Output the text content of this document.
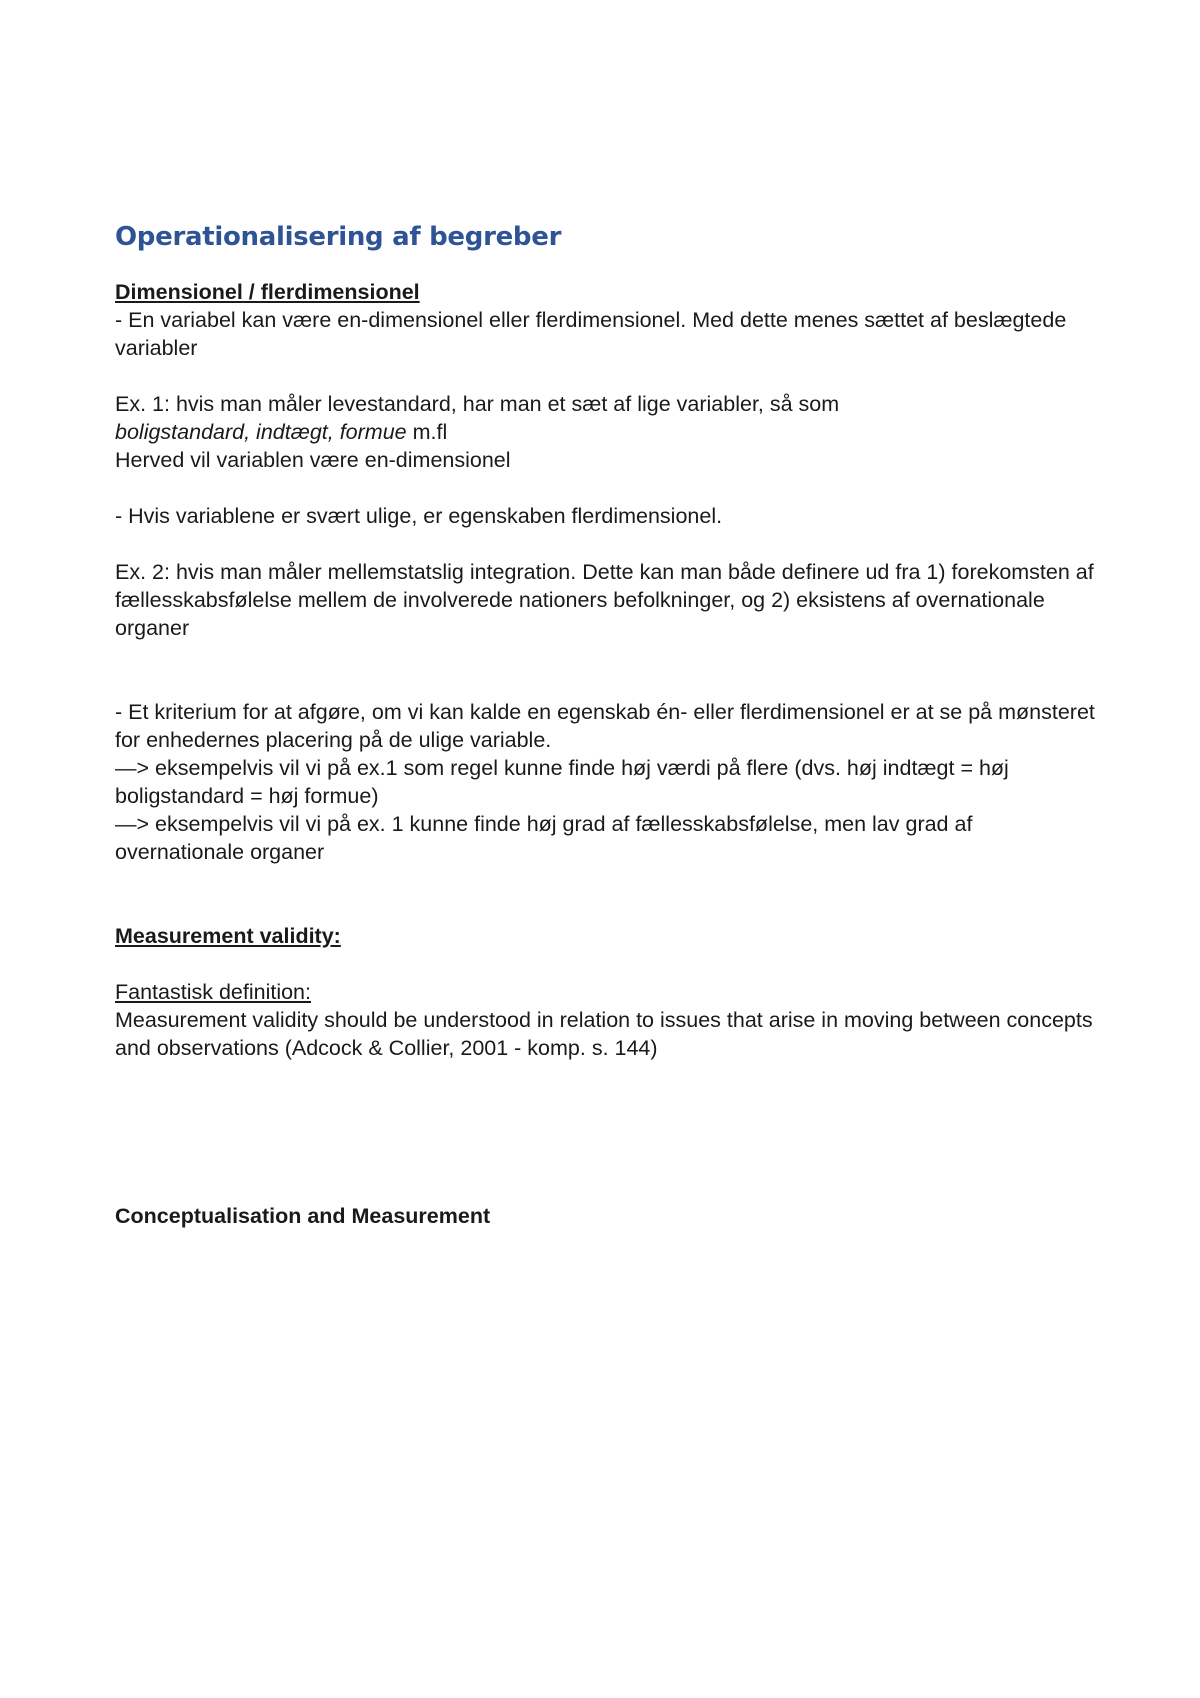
Operationalisering af begreber
Dimensionel / flerdimensionel
- En variabel kan være en-dimensionel eller flerdimensionel. Med dette menes sættet af beslægtede variabler
Ex. 1: hvis man måler levestandard, har man et sæt af lige variabler, så som
boligstandard, indtægt, formue m.fl
Herved vil variablen være en-dimensionel
- Hvis variablene er svært ulige, er egenskaben flerdimensionel.
Ex. 2: hvis man måler mellemstatslig integration. Dette kan man både definere ud fra 1) forekomsten af fællesskabsfølelse mellem de involverede nationers befolkninger, og 2) eksistens af overnationale organer
- Et kriterium for at afgøre, om vi kan kalde en egenskab én- eller flerdimensionel er at se på mønsteret for enhedernes placering på de ulige variable.
—> eksempelvis vil vi på ex.1 som regel kunne finde høj værdi på flere (dvs. høj indtægt = høj boligstandard = høj formue)
—> eksempelvis vil vi på ex. 1 kunne finde høj grad af fællesskabsfølelse, men lav grad af overnationale organer
Measurement validity:
Fantastisk definition:
Measurement validity should be understood in relation to issues that arise in moving between concepts and observations (Adcock & Collier, 2001 - komp. s. 144)
Conceptualisation and Measurement
